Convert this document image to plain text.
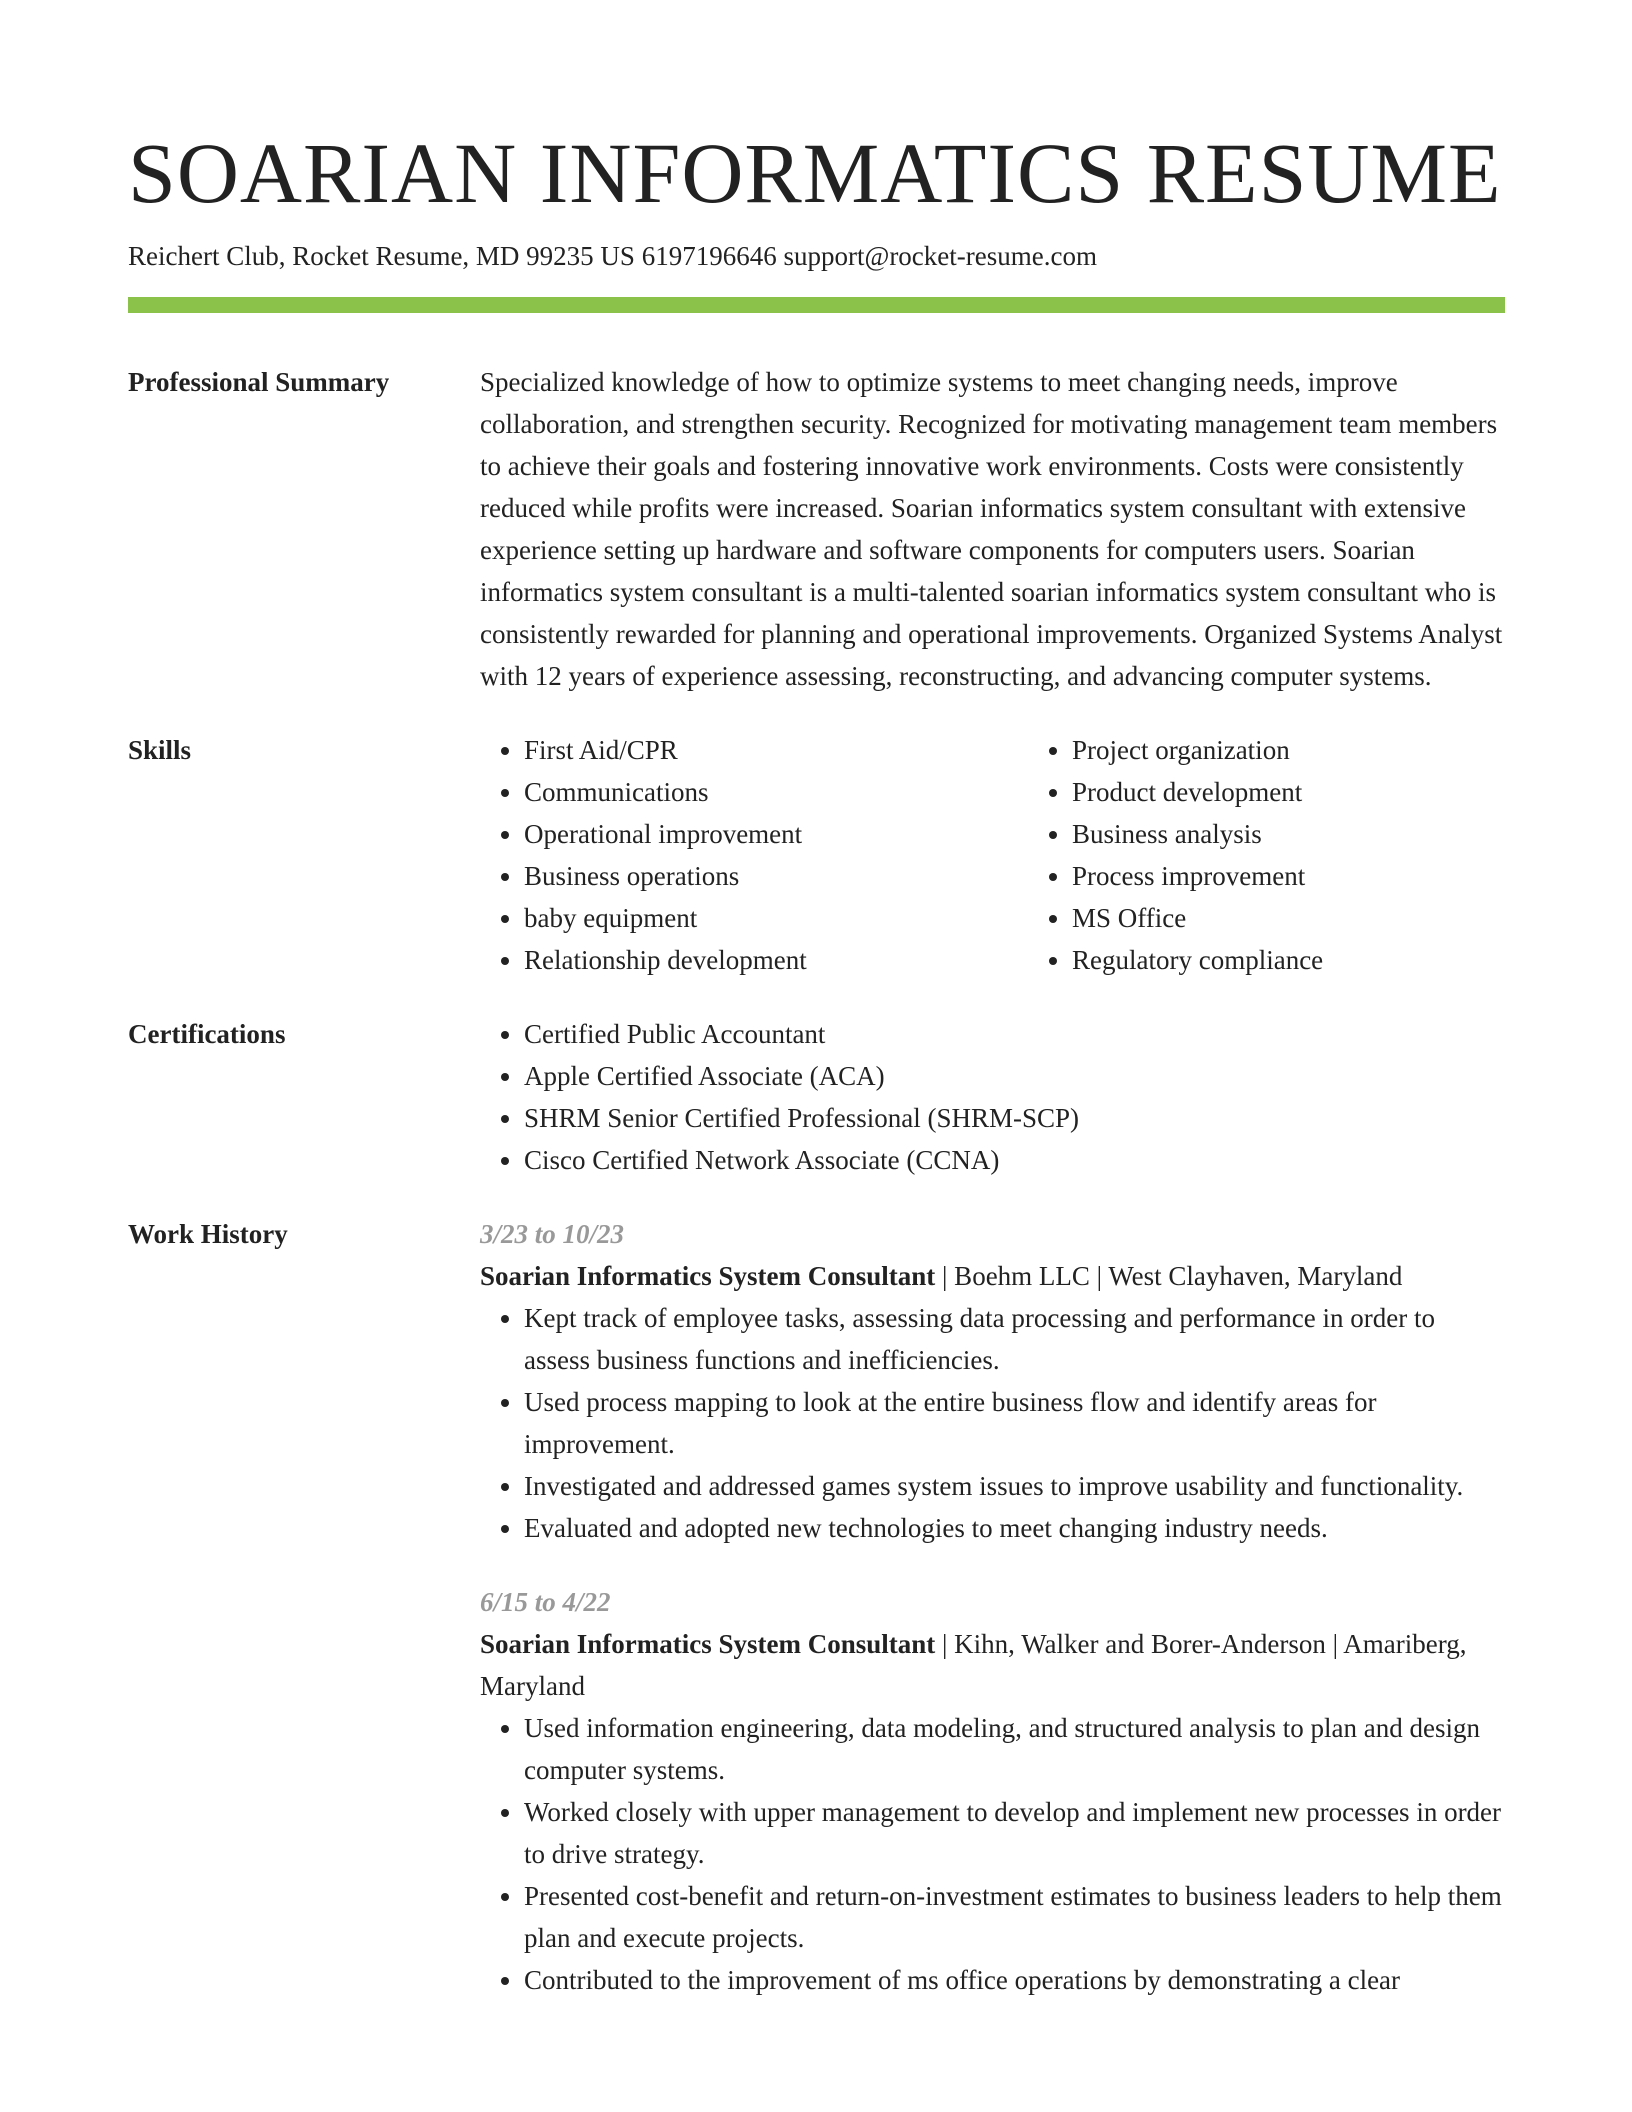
SOARIAN INFORMATICS RESUME
Reichert Club, Rocket Resume, MD 99235 US 6197196646 support@rocket-resume.com
Professional Summary	Specialized knowledge of how to optimize systems to meet changing needs, improve collaboration, and strengthen security. Recognized for motivating management team members to achieve their goals and fostering innovative work environments. Costs were consistently reduced while profits were increased. Soarian informatics system consultant with extensive experience setting up hardware and software components for computers users. Soarian informatics system consultant is a multi-talented soarian informatics system consultant who is consistently rewarded for planning and operational improvements. Organized Systems Analyst with 12 years of experience assessing, reconstructing, and advancing computer systems.

Skills	• First Aid/CPR
• Communications
• Operational improvement
• Business operations
• baby equipment
• Relationship development
• Project organization
• Product development
• Business analysis
• Process improvement
• MS Office
• Regulatory compliance
Certifications	• Certified Public Accountant
• Apple Certified Associate (ACA)
• SHRM Senior Certified Professional (SHRM-SCP)
• Cisco Certified Network Associate (CCNA)
Work History	3/23 to 10/23

Soarian Informatics System Consultant | Boehm LLC | West Clayhaven, Maryland

• Kept track of employee tasks, assessing data processing and performance in order to assess business functions and inefficiencies.
• Used process mapping to look at the entire business flow and identify areas for improvement.
• Investigated and addressed games system issues to improve usability and functionality.
• Evaluated and adopted new technologies to meet changing industry needs.
6/15 to 4/22

Soarian Informatics System Consultant | Kihn, Walker and Borer-Anderson | Amariberg, Maryland

• Used information engineering, data modeling, and structured analysis to plan and design computer systems.
• Worked closely with upper management to develop and implement new processes in order to drive strategy.
• Presented cost-benefit and return-on-investment estimates to business leaders to help them plan and execute projects.
• Contributed to the improvement of ms office operations by demonstrating a clear
